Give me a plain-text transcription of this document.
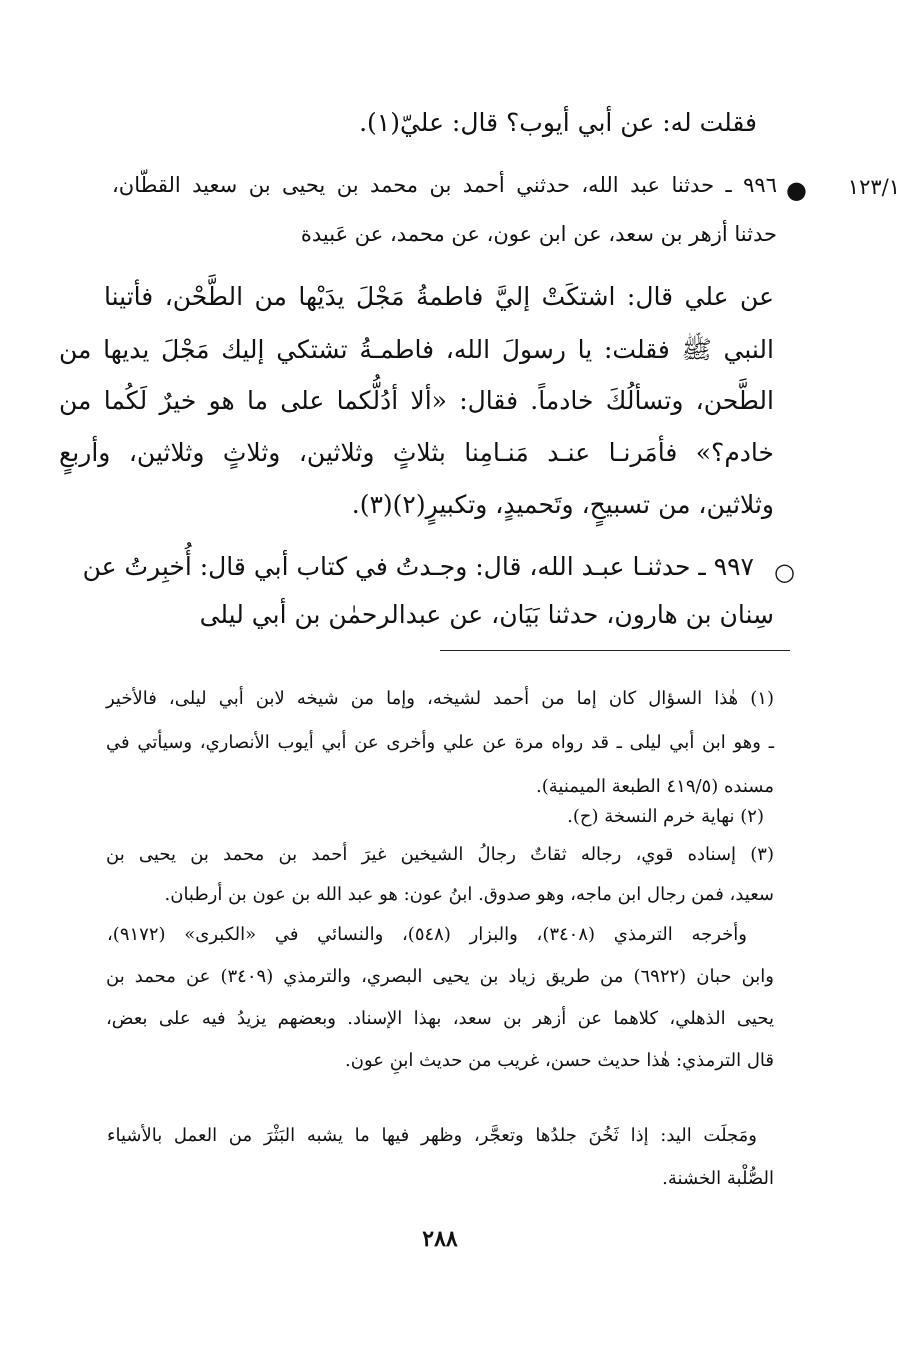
فقلت له: عن أبي أيوب؟ قال: عليّ(١).
١٢٣/١
●
٩٩٦ ـ حدثنا عبد الله، حدثني أحمد بن محمد بن يحيى بن سعيد القطّان،
حدثنا أزهر بن سعد، عن ابن عون، عن محمد، عن عَبيدة
عن علي قال: اشتكَتْ إليَّ فاطمةُ مَجْلَ يدَيْها من الطَّحْن، فأتينا
النبي ﷺ فقلت: يا رسولَ الله، فاطمـةُ تشتكي إليك مَجْلَ يديها من
الطَّحن، وتسألُكَ خادماً. فقال: «ألا أدُلُّكما على ما هو خيرٌ لَكُما من
خادم؟» فأمَرنـا عنـد مَنـامِنا بثلاثٍ وثلاثين، وثلاثٍ وثلاثين، وأربعٍ
وثلاثين، من تسبيحٍ، وتَحميدٍ، وتكبيرٍ(٢)(٣).
○
٩٩٧ ـ حدثنـا عبـد الله، قال: وجـدتُ في كتاب أبي قال: أُخبِرتُ عن
سِنان بن هارون، حدثنا بَيَان، عن عبدالرحمٰن بن أبي ليلى
(١) هٰذا السؤال كان إما من أحمد لشيخه، وإما من شيخه لابن أبي ليلى، فالأخير
ـ وهو ابن أبي ليلى ـ قد رواه مرة عن علي وأخرى عن أبي أيوب الأنصاري، وسيأتي في
مسنده (٤١٩/٥ الطبعة الميمنية).
(٢) نهاية خرم النسخة (ح).
(٣) إسناده قوي، رجاله ثقاتٌ رجالُ الشيخين غيرَ أحمد بن محمد بن يحيى بن
سعيد، فمن رجال ابن ماجه، وهو صدوق. ابنُ عون: هو عبد الله بن عون بن أرطبان.
وأخرجه الترمذي (٣٤٠٨)، والبزار (٥٤٨)، والنسائي في «الكبرى» (٩١٧٢)،
وابن حبان (٦٩٢٢) من طريق زياد بن يحيى البصري، والترمذي (٣٤٠٩) عن محمد بن
يحيى الذهلي، كلاهما عن أزهر بن سعد، بهذا الإسناد. وبعضهم يزيدُ فيه على بعض،
قال الترمذي: هٰذا حديث حسن، غريب من حديث ابنِ عون.
ومَجلَت اليد: إذا ثَخُنَ جلدُها وتعجَّر، وظهر فيها ما يشبه البَثْرَ من العمل بالأشياء
الصُّلْبة الخشنة.
٢٨٨
